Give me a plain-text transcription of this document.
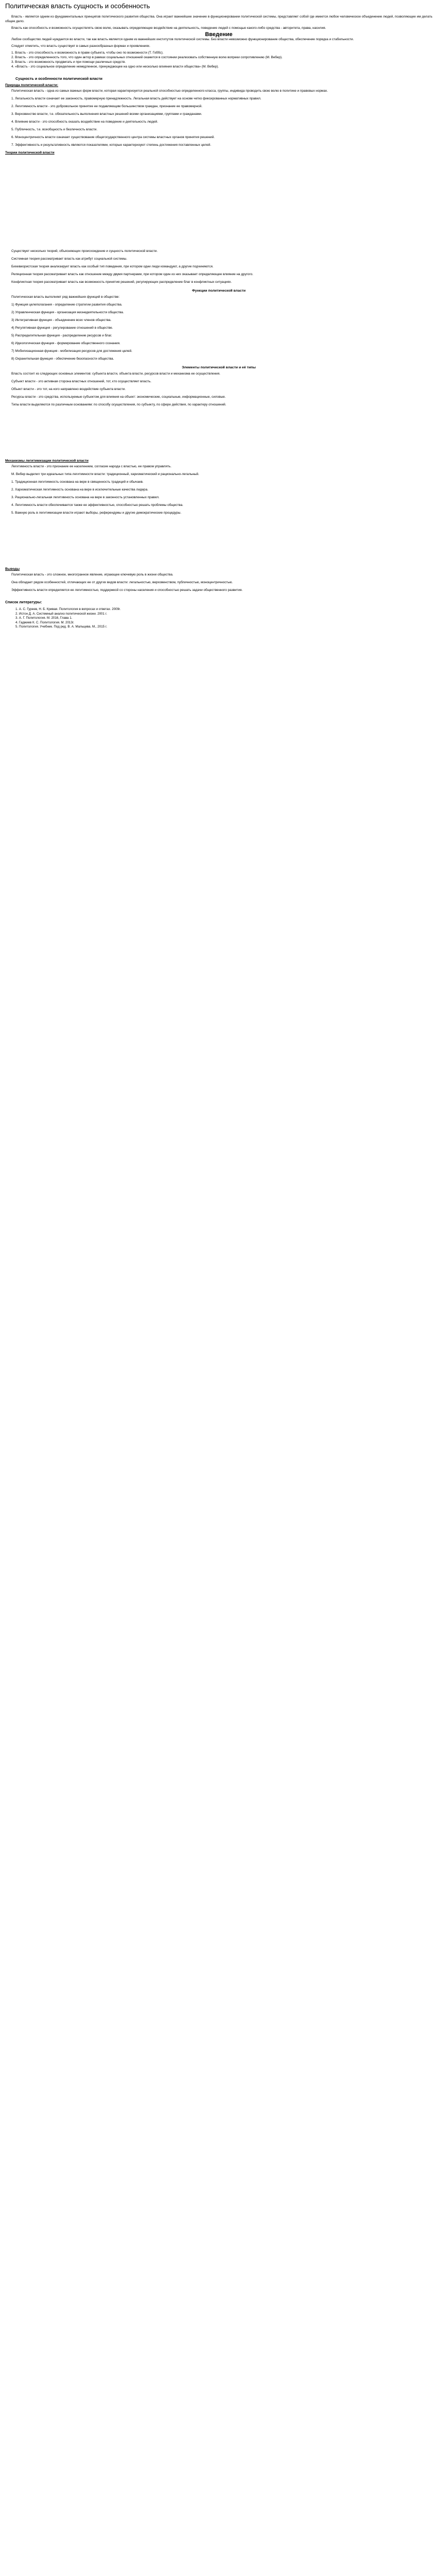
Политическая власть сущность и особенность

Власть - является одним из фундаментальных принципов политического развития общества. Она играет важнейшее значение в функционировании политической системы, представляет собой где имеется любое человеческое объединение людей, позволяющее им делать общее дело.

Власть как способность и возможность осуществлять свою волю, оказывать определяющее воздействие на деятельность, поведение людей с помощью какого-либо средства - авторитета, права, насилия.

Введение

Любое сообщество людей нуждается во власти, так как власть является одним из важнейших институтов политической системы. Без власти невозможно функционирование общества, обеспечение порядка и стабильности.

Следует отметить, что власть существует в самых разнообразных формах и проявлениях.

1. Власть - это способность и возможность в праве субъекта, чтобы оно по возможности (Т. Гоббс).
2. Власть - это определенность того, что один актор в рамках социальных отношений окажется в состоянии реализовать собственную волю вопреки сопротивлению (М. Вебер).
3. Власть - это возможность продвигать и при помощи различных средств.
4. «Власть - это социальное определение немедленное, принуждающее на одно или несколько влияния власти общества» (М. Вебер).
Сущность и особенности политической власти
Природа политической власти:

Политическая власть - одна из самых важных форм власти, которая характеризуется реальной способностью определенного класса, группы, индивида проводить свою волю в политике и правовых нормах.

1. Легальность власти означает ее законность, правомерную принадлежность. Легальная власть действует на основе четко фиксированных нормативных правил.

2. Легитимность власти - это добровольное принятие ее подавляющим большинством граждан, признание ее правомерной.

3. Верховенство власти, т.е. обязательность выполнения властных решений всеми организациями, группами и гражданами.

4. Влияние власти - это способность оказать воздействие на поведение и деятельность людей.

5. Публичность, т.е. всеобщность и безличность власти.

6. Моноцентричность власти означает существование общегосударственного центра системы властных органов принятия решений.

7. Эффективность и результативность являются показателями, которые характеризуют степень достижения поставленных целей.

Теории политической власти

Существует несколько теорий, объясняющих происхождение и сущность политической власти.

Системная теория рассматривает власть как атрибут социальной системы.

Бихевиористская теория анализирует власть как особый тип поведения, при котором одни люди командуют, а другие подчиняются.

Реляционная теория рассматривает власть как отношение между двумя партнерами, при котором один из них оказывает определяющее влияние на другого.

Конфликтная теория рассматривает власть как возможность принятия решений, регулирующих распределение благ в конфликтных ситуациях.

Функции политической власти

Политическая власть выполняет ряд важнейших функций в обществе:

1) Функция целеполагания - определение стратегии развития общества.

2) Управленческая функция - организация жизнедеятельности общества.

3) Интегративная функция - объединение всех членов общества.

4) Регулятивная функция - регулирование отношений в обществе.

5) Распределительная функция - распределение ресурсов и благ.

6) Идеологическая функция - формирование общественного сознания.

7) Мобилизационная функция - мобилизация ресурсов для достижения целей.

8) Охранительная функция - обеспечение безопасности общества.

Элементы политической власти и её типы

Власть состоит из следующих основных элементов: субъекта власти, объекта власти, ресурсов власти и механизма ее осуществления.

Субъект власти - это активная сторона властных отношений, тот, кто осуществляет власть.

Объект власти - это тот, на кого направлено воздействие субъекта власти.

Ресурсы власти - это средства, используемые субъектом для влияния на объект: экономические, социальные, информационные, силовые.

Типы власти выделяются по различным основаниям: по способу осуществления, по субъекту, по сфере действия, по характеру отношений.

Механизмы легитимизации политической власти

Легитимность власти - это признание ее населением, согласие народа с властью, ее правом управлять.

М. Вебер выделил три идеальных типа легитимности власти: традиционный, харизматический и рационально-легальный.

1. Традиционная легитимность основана на вере в священность традиций и обычаев.

2. Харизматическая легитимность основана на вере в исключительные качества лидера.

3. Рационально-легальная легитимность основана на вере в законность установленных правил.

4. Легитимность власти обеспечивается также ее эффективностью, способностью решать проблемы общества.

5. Важную роль в легитимизации власти играют выборы, референдумы и другие демократические процедуры.

Выводы

Политическая власть - это сложное, многогранное явление, играющее ключевую роль в жизни общества.

Она обладает рядом особенностей, отличающих ее от других видов власти: легальностью, верховенством, публичностью, моноцентричностью.

Эффективность власти определяется ее легитимностью, поддержкой со стороны населения и способностью решать задачи общественного развития.

Список литературы:
1. А. С. Гуреев, Н. Б. Кривая. Политология в вопросах и ответах. 2009г.
2. Истон Д. А. Системный анализ политической жизни. 2001 г.
3. А. Г. Политология. М. 2016, Глава 1.
4. Гаджиев К. С. Политология. М. 2013г.
5. Политология. Учебник. Под ред. В. А. Мальцева. М., 2015 г.
